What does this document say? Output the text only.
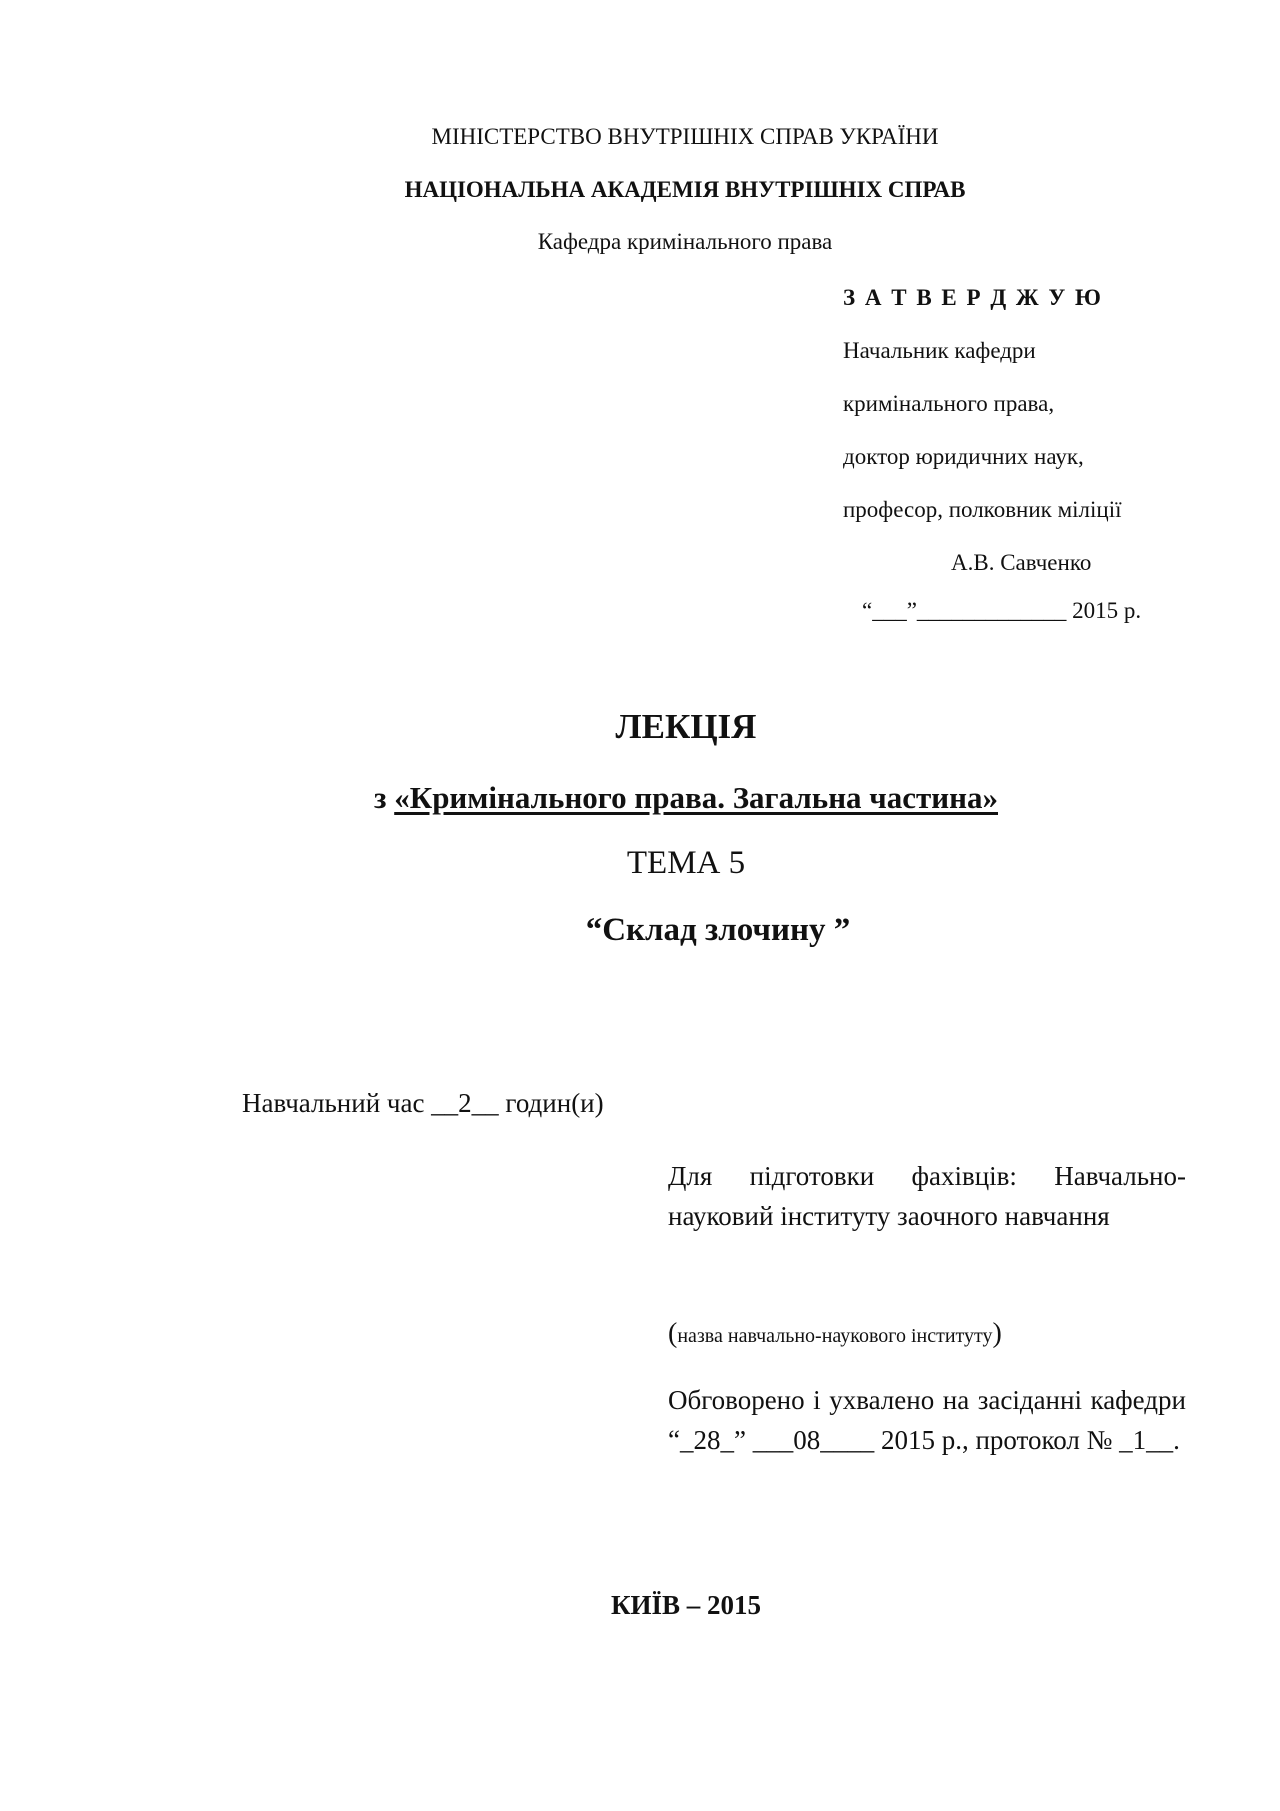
МІНІСТЕРСТВО ВНУТРІШНІХ СПРАВ УКРАЇНИ
НАЦІОНАЛЬНА АКАДЕМІЯ ВНУТРІШНІХ СПРАВ
Кафедра кримінального права
З А Т В Е Р Д Ж У Ю
Начальник кафедри
кримінального права,
доктор юридичних наук,
професор, полковник міліції
А.В. Савченко
“___”_____________ 2015 р.
ЛЕКЦІЯ
з «Кримінального права. Загальна частина»
ТЕМА 5
“Склад злочину ”
Навчальний час __2__ годин(и)
Для підготовки фахівців: Навчально-науковий інституту заочного навчання
(назва навчально-наукового інституту)
Обговорено і ухвалено на засіданні кафедри “_28_” ___08____ 2015 р., протокол № _1__.
КИЇВ – 2015
